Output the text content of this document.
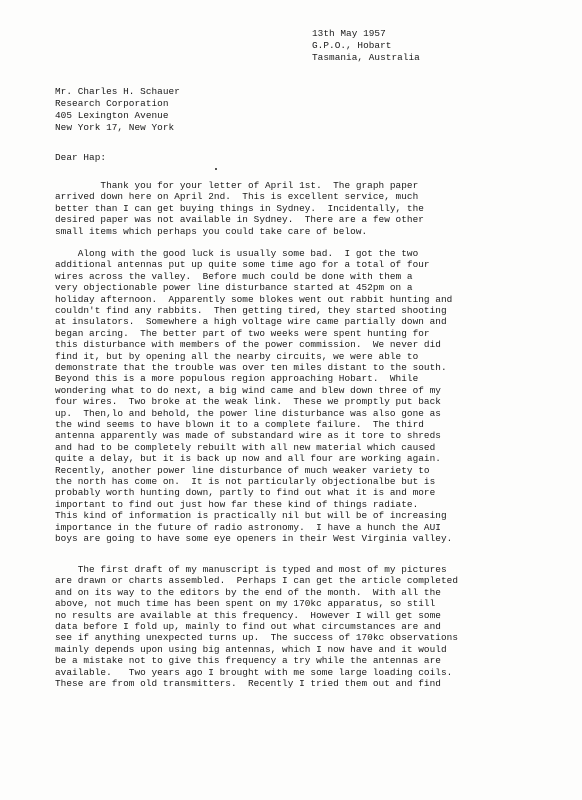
13th May 1957
G.P.O., Hobart
Tasmania, Australia
Mr. Charles H. Schauer
Research Corporation
405 Lexington Avenue
New York 17, New York
Dear Hap:
Thank you for your letter of April 1st.  The graph paper
arrived down here on April 2nd.  This is excellent service, much
better than I can get buying things in Sydney.  Incidentally, the
desired paper was not available in Sydney.  There are a few other
small items which perhaps you could take care of below.
Along with the good luck is usually some bad.  I got the two
additional antennas put up quite some time ago for a total of four
wires across the valley.  Before much could be done with them a
very objectionable power line disturbance started at 452pm on a
holiday afternoon.  Apparently some blokes went out rabbit hunting and
couldn't find any rabbits.  Then getting tired, they started shooting
at insulators.  Somewhere a high voltage wire came partially down and
began arcing.  The better part of two weeks were spent hunting for
this disturbance with members of the power commission.  We never did
find it, but by opening all the nearby circuits, we were able to
demonstrate that the trouble was over ten miles distant to the south.
Beyond this is a more populous region approaching Hobart.  While
wondering what to do next, a big wind came and blew down three of my
four wires.  Two broke at the weak link.  These we promptly put back
up.  Then,lo and behold, the power line disturbance was also gone as
the wind seems to have blown it to a complete failure.  The third
antenna apparently was made of substandard wire as it tore to shreds
and had to be completely rebuilt with all new material which caused
quite a delay, but it is back up now and all four are working again.
Recently, another power line disturbance of much weaker variety to
the north has come on.  It is not particularly objectionalbe but is
probably worth hunting down, partly to find out what it is and more
important to find out just how far these kind of things radiate.
This kind of information is practically nil but will be of increasing
importance in the future of radio astronomy.  I have a hunch the AUI
boys are going to have some eye openers in their West Virginia valley.
The first draft of my manuscript is typed and most of my pictures
are drawn or charts assembled.  Perhaps I can get the article completed
and on its way to the editors by the end of the month.  With all the
above, not much time has been spent on my 170kc apparatus, so still
no results are available at this frequency.  However I will get some
data before I fold up, mainly to find out what circumstances are and
see if anything unexpected turns up.  The success of 170kc observations
mainly depends upon using big antennas, which I now have and it would
be a mistake not to give this frequency a try while the antennas are
available.   Two years ago I brought with me some large loading coils.
These are from old transmitters.  Recently I tried them out and find
